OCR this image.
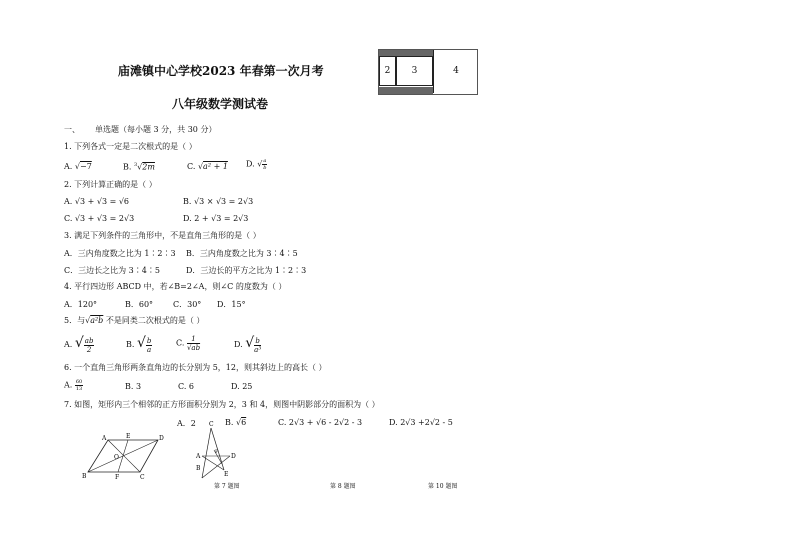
庙滩镇中心学校2023 年春第一次月考
八年级数学测试卷
2	3	4
一、 单选题（每小题 3 分，共 30 分）
1. 下列各式一定是二次根式的是（ ）
A. √−7	B. $^3$√2m	C. √a² + 1 D. √ $\frac{a}{b}$
2. 下列计算正确的是（ ）
A. √3 + √3 = √6	B. √3 × √3 = 2√3
C. √3 + √3 = 2√3	D. 2 + √3 = 2√3
3. 满足下列条件的三角形中，不是直角三角形的是（ ）
A．三内角度数之比为 1∶2∶3 B．三内角度数之比为 3∶4∶5
C．三边长之比为 3∶4∶5	D．三边长的平方之比为 1∶2∶3
4. 平行四边形 ABCD 中，若∠B=2∠A，则∠C 的度数为（ ）
A．120°	B．60° C．30° D．15°
5．与√a²b 不是同类二次根式的是（ ）
A. √ $\frac{ab}{2}$	B. √ $\frac{b}{a}$	C. $\frac{1}{√ab}$	D. √ $\frac{b}{\text{a³}}$
6. 一个直角三角形两条直角边的长分别为 5，12，则其斜边上的高长（ ）
A. $\frac{60}{13}$	B. 3	C. 6	D. 25
7. 如图，矩形内三个相邻的正方形面积分别为 2，3 和 4，则图中阴影部分的面积为（ ）
A．2	B. √6	C. 2√3 + √6 - 2√2 - 3	D. 2√3 +2√2 - 5
A	E	D
O
B	F	C
C
A
P
D
B
E
第 7 题图	第 8 题图	第 10 题图
